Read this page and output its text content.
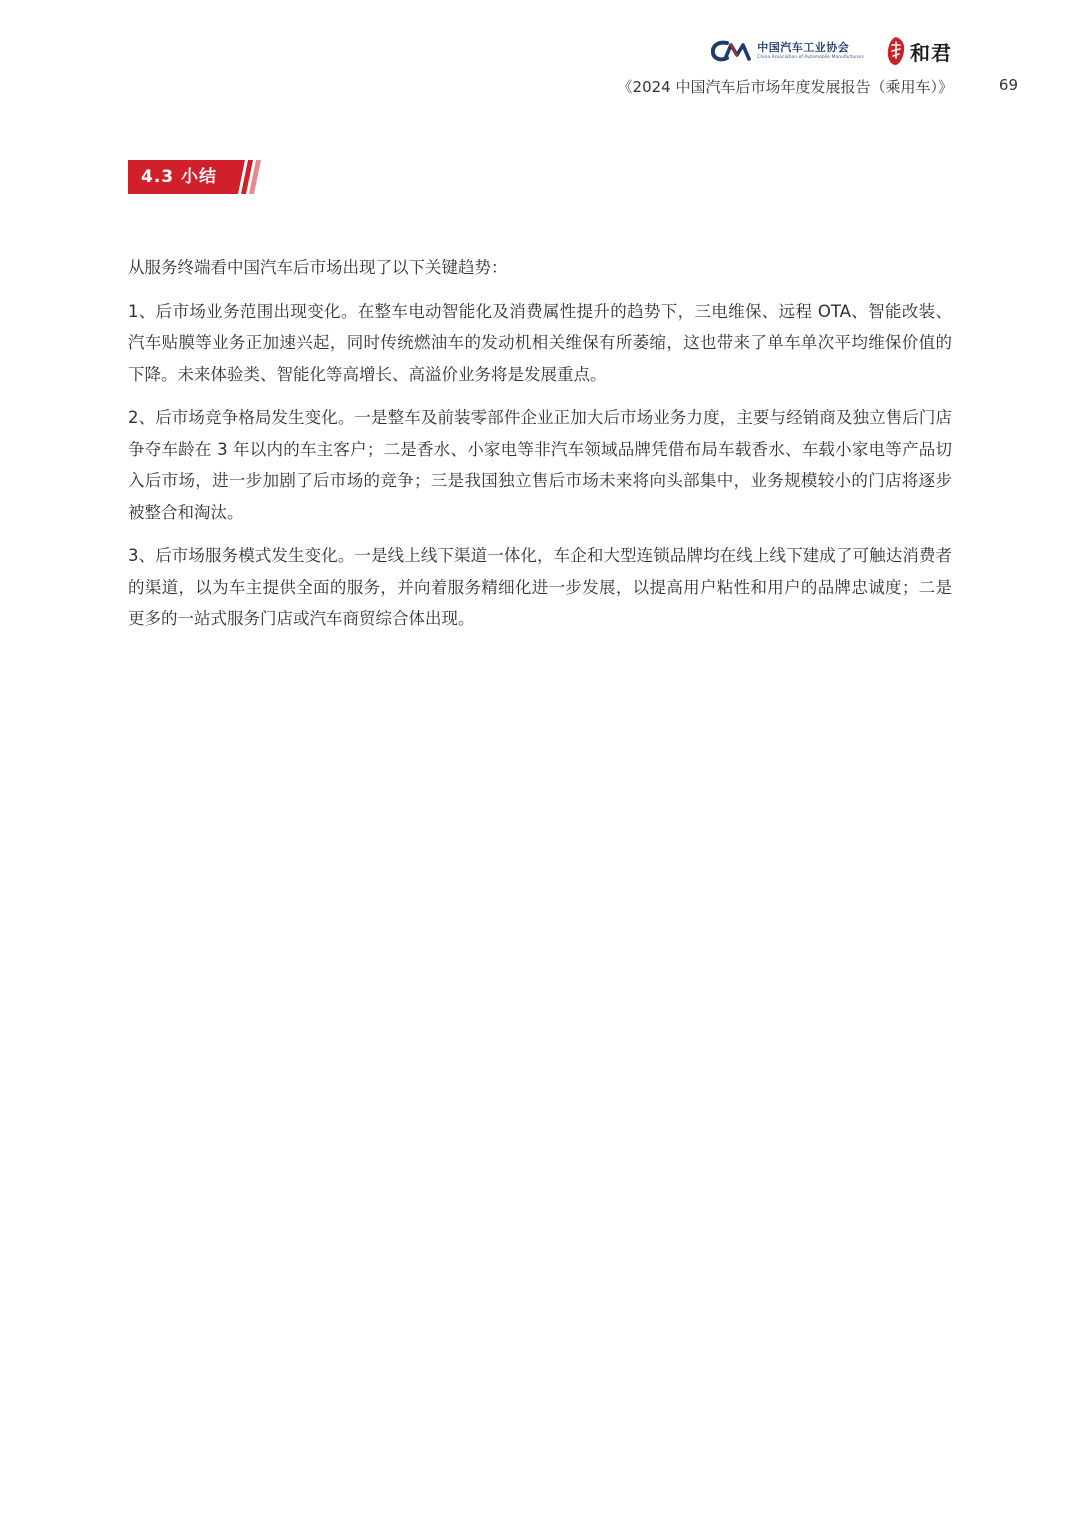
中国汽车工业协会
China Association of Automobile Manufacturers 和君
《2024 中国汽车后市场年度发展报告（乘用车）》	69
4.3 小结

从服务终端看中国汽车后市场出现了以下关键趋势：

1、后市场业务范围出现变化。在整车电动智能化及消费属性提升的趋势下，三电维保、远程 OTA、智能改装、汽车贴膜等业务正加速兴起，同时传统燃油车的发动机相关维保有所萎缩，这也带来了单车单次平均维保价值的下降。未来体验类、智能化等高增长、高溢价业务将是发展重点。

2、后市场竞争格局发生变化。一是整车及前装零部件企业正加大后市场业务力度，主要与经销商及独立售后门店争夺车龄在 3 年以内的车主客户；二是香水、小家电等非汽车领域品牌凭借布局车载香水、车载小家电等产品切入后市场，进一步加剧了后市场的竞争；三是我国独立售后市场未来将向头部集中，业务规模较小的门店将逐步被整合和淘汰。

3、后市场服务模式发生变化。一是线上线下渠道一体化，车企和大型连锁品牌均在线上线下建成了可触达消费者的渠道，以为车主提供全面的服务，并向着服务精细化进一步发展，以提高用户粘性和用户的品牌忠诚度；二是更多的一站式服务门店或汽车商贸综合体出现。
